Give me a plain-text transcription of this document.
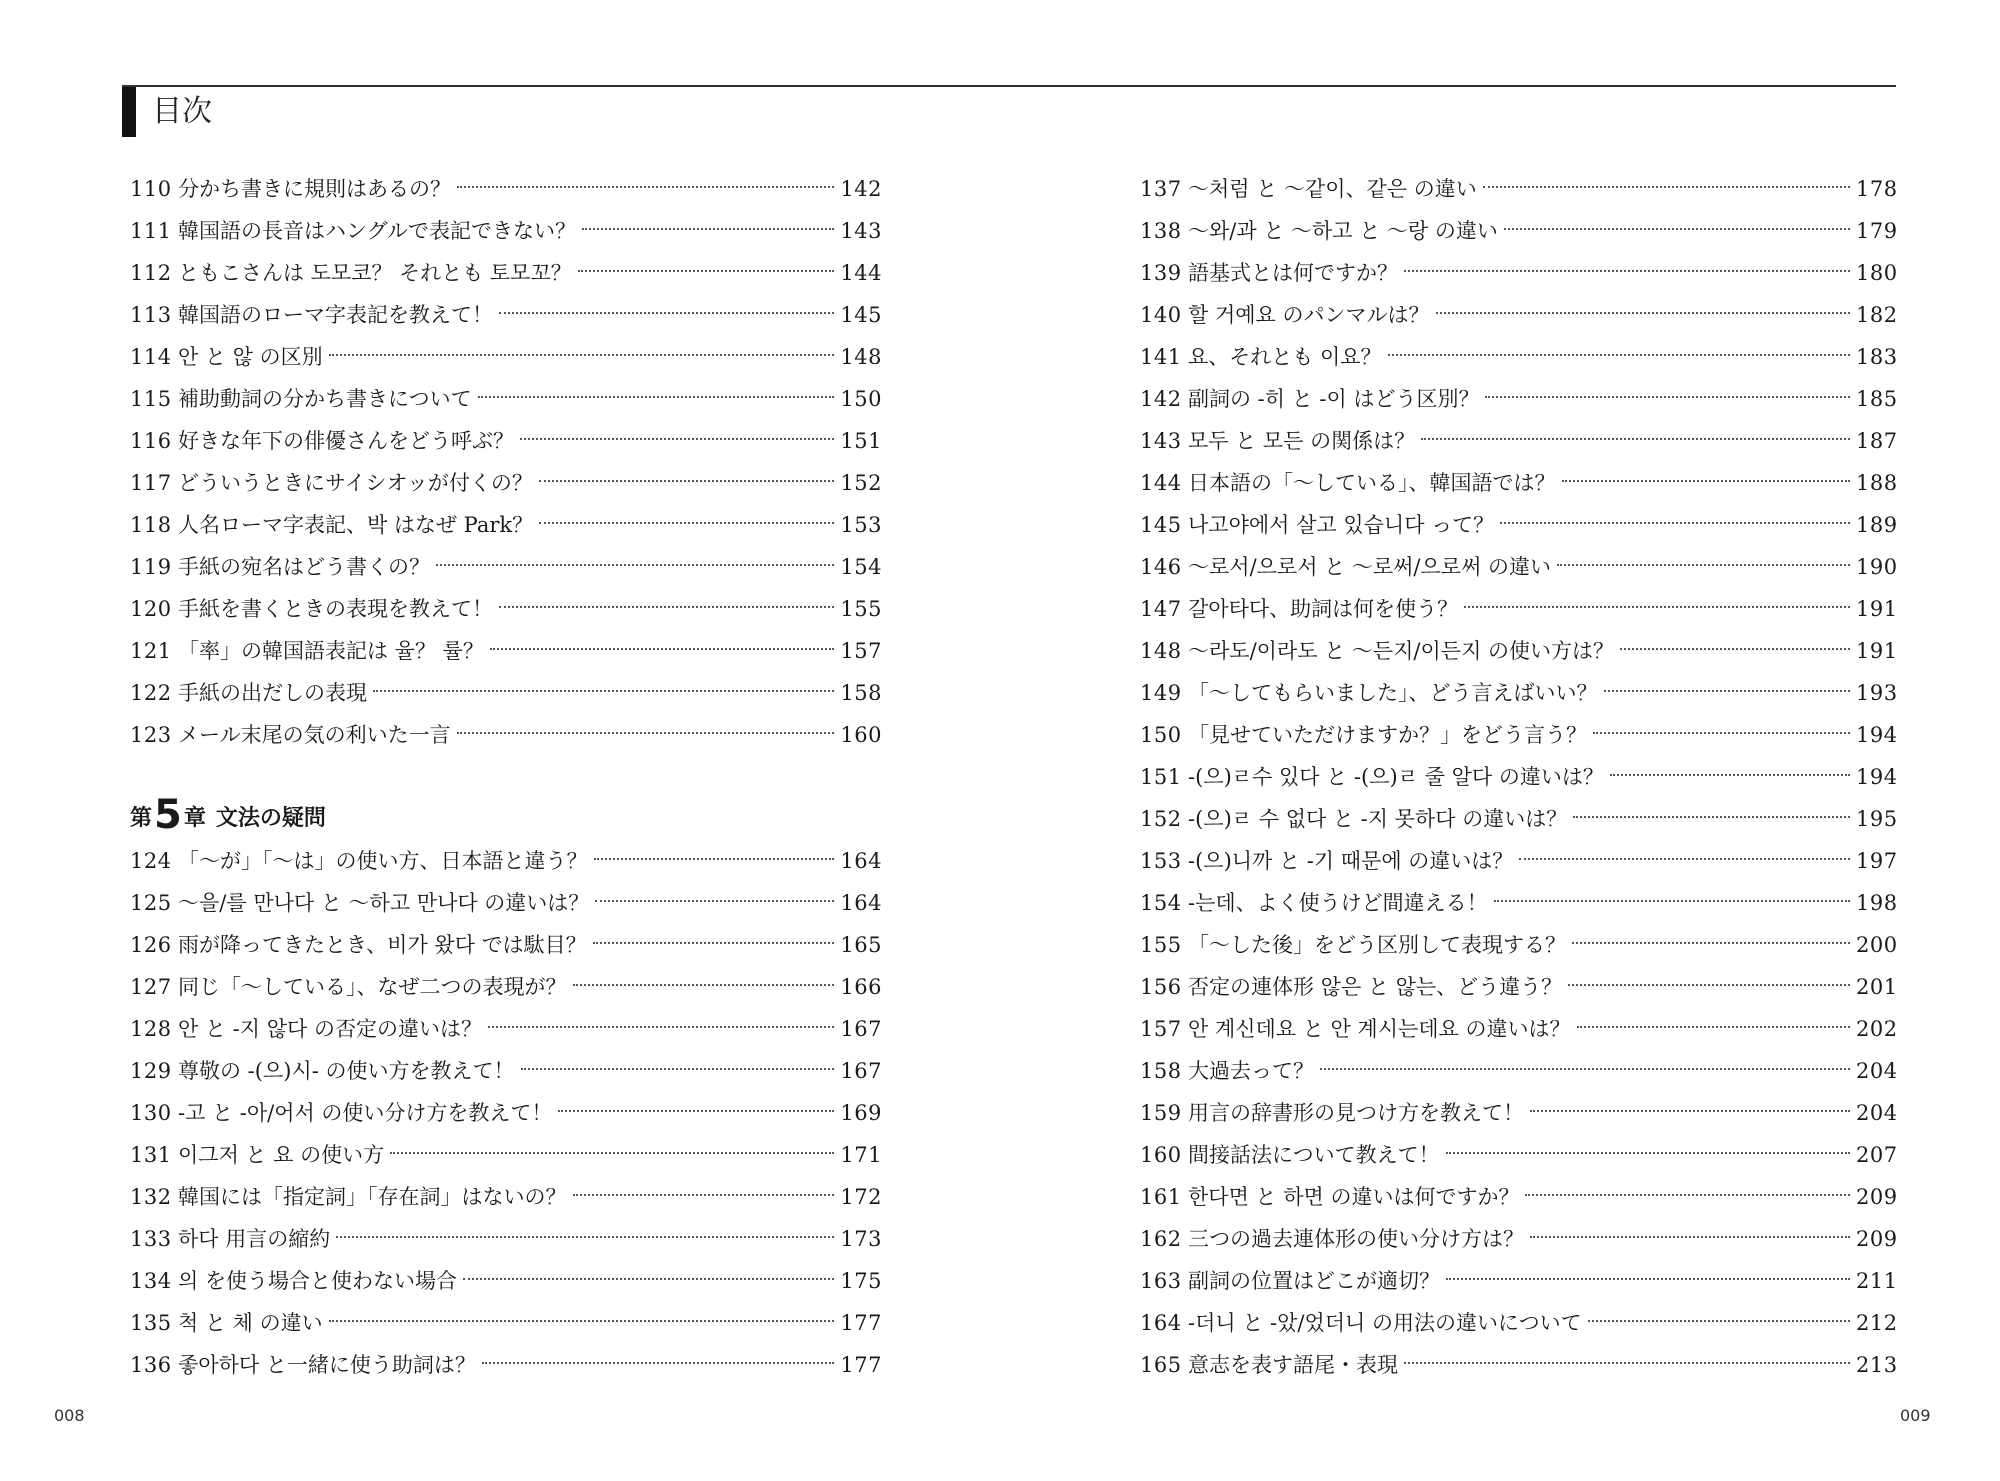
目次
110 分かち書きに規則はあるの？	142
111 韓国語の長音はハングルで表記できない？	143
112 ともこさんは 도모코？ それとも 토모꼬？	144
113 韓国語のローマ字表記を教えて！	145
114 안 と 않 の区別	148
115 補助動詞の分かち書きについて	150
116 好きな年下の俳優さんをどう呼ぶ？	151
117 どういうときにサイシオッが付くの？	152
118 人名ローマ字表記、박 はなぜ Park？	153
119 手紙の宛名はどう書くの？	154
120 手紙を書くときの表現を教えて！	155
121 「率」の韓国語表記は 율？ 률？	157
122 手紙の出だしの表現	158
123 メール末尾の気の利いた一言	160
第 5 章 文法の疑問
124 「～が」「～は」の使い方、日本語と違う？	164
125 ～을/를 만나다 と ～하고 만나다 の違いは？	164
126 雨が降ってきたとき、비가 왔다 では駄目？	165
127 同じ「～している」、なぜ二つの表現が？	166
128 안 と -지 않다 の否定の違いは？	167
129 尊敬の -(으)시- の使い方を教えて！	167
130 -고 と -아/어서 の使い分け方を教えて！	169
131 이그저 と 요 の使い方	171
132 韓国には「指定詞」「存在詞」はないの？	172
133 하다 用言の縮約	173
134 의 を使う場合と使わない場合	175
135 척 と 체 の違い	177
136 좋아하다 と一緒に使う助詞は？	177
137 ～처럼 と ～같이、같은 の違い	178
138 ～와/과 と ～하고 と ～랑 の違い	179
139 語基式とは何ですか？	180
140 할 거예요 のパンマルは？	182
141 요、それとも 이요？	183
142 副詞の -히 と -이 はどう区別？	185
143 모두 と 모든 の関係は？	187
144 日本語の「～している」、韓国語では？	188
145 나고야에서 살고 있습니다 って？	189
146 ～로서/으로서 と ～로써/으로써 の違い	190
147 갈아타다、助詞は何を使う？	191
148 ～라도/이라도 と ～든지/이든지 の使い方は？	191
149 「～してもらいました」、どう言えばいい？	193
150 「見せていただけますか？」をどう言う？	194
151 -(으)ㄹ수 있다 と -(으)ㄹ 줄 알다 の違いは？	194
152 -(으)ㄹ 수 없다 と -지 못하다 の違いは？	195
153 -(으)니까 と -기 때문에 の違いは？	197
154 -는데、よく使うけど間違える！	198
155 「～した後」をどう区別して表現する？	200
156 否定の連体形 않은 と 않는、どう違う？	201
157 안 계신데요 と 안 계시는데요 の違いは？	202
158 大過去って？	204
159 用言の辞書形の見つけ方を教えて！	204
160 間接話法について教えて！	207
161 한다면 と 하면 の違いは何ですか？	209
162 三つの過去連体形の使い分け方は？	209
163 副詞の位置はどこが適切？	211
164 -더니 と -았/었더니 の用法の違いについて	212
165 意志を表す語尾・表現	213
008	009
